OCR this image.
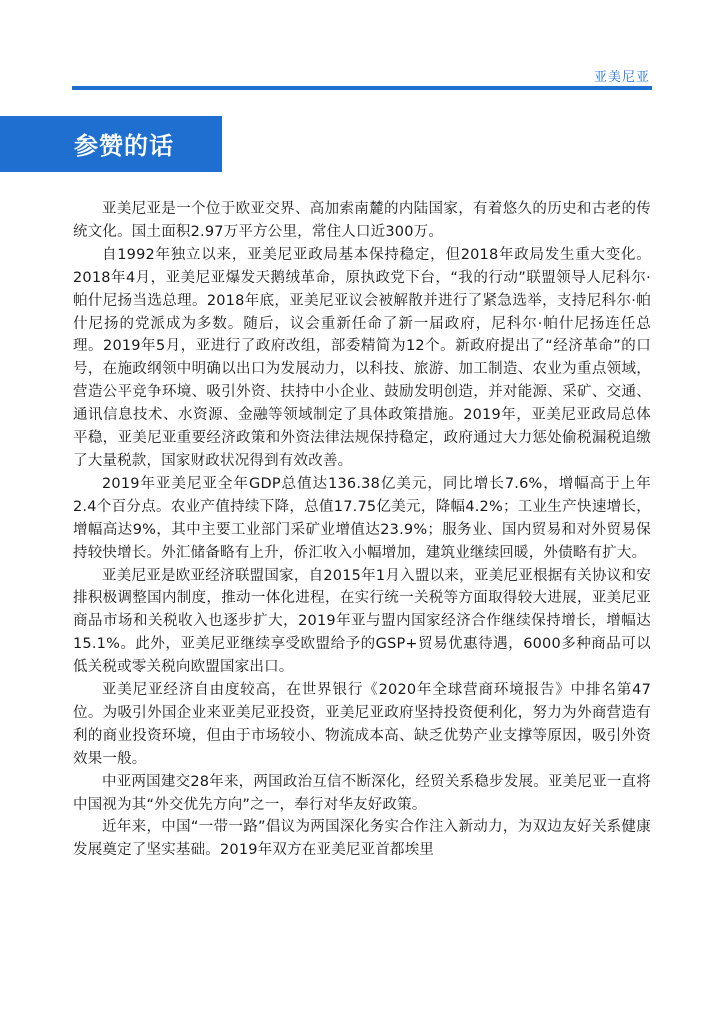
亚美尼亚
参赞的话

亚美尼亚是一个位于欧亚交界、高加索南麓的内陆国家，有着悠久的历史和古老的传统文化。国土面积2.97万平方公里，常住人口近300万。

自1992年独立以来，亚美尼亚政局基本保持稳定，但2018年政局发生重大变化。2018年4月，亚美尼亚爆发天鹅绒革命，原执政党下台，“我的行动”联盟领导人尼科尔·帕什尼扬当选总理。2018年底，亚美尼亚议会被解散并进行了紧急选举，支持尼科尔·帕什尼扬的党派成为多数。随后，议会重新任命了新一届政府，尼科尔·帕什尼扬连任总理。2019年5月，亚进行了政府改组，部委精简为12个。新政府提出了“经济革命”的口号，在施政纲领中明确以出口为发展动力，以科技、旅游、加工制造、农业为重点领域，营造公平竞争环境、吸引外资、扶持中小企业、鼓励发明创造，并对能源、采矿、交通、通讯信息技术、水资源、金融等领域制定了具体政策措施。2019年，亚美尼亚政局总体平稳，亚美尼亚重要经济政策和外资法律法规保持稳定，政府通过大力惩处偷税漏税追缴了大量税款，国家财政状况得到有效改善。

2019年亚美尼亚全年GDP总值达136.38亿美元，同比增长7.6%，增幅高于上年2.4个百分点。农业产值持续下降，总值17.75亿美元，降幅4.2%；工业生产快速增长，增幅高达9%，其中主要工业部门采矿业增值达23.9%；服务业、国内贸易和对外贸易保持较快增长。外汇储备略有上升，侨汇收入小幅增加，建筑业继续回暖，外债略有扩大。

亚美尼亚是欧亚经济联盟国家，自2015年1月入盟以来，亚美尼亚根据有关协议和安排积极调整国内制度，推动一体化进程，在实行统一关税等方面取得较大进展，亚美尼亚商品市场和关税收入也逐步扩大，2019年亚与盟内国家经济合作继续保持增长，增幅达15.1%。此外，亚美尼亚继续享受欧盟给予的GSP+贸易优惠待遇，6000多种商品可以低关税或零关税向欧盟国家出口。

亚美尼亚经济自由度较高，在世界银行《2020年全球营商环境报告》中排名第47位。为吸引外国企业来亚美尼亚投资，亚美尼亚政府坚持投资便利化，努力为外商营造有利的商业投资环境，但由于市场较小、物流成本高、缺乏优势产业支撑等原因，吸引外资效果一般。

中亚两国建交28年来，两国政治互信不断深化，经贸关系稳步发展。亚美尼亚一直将中国视为其“外交优先方向”之一，奉行对华友好政策。

近年来，中国“一带一路”倡议为两国深化务实合作注入新动力，为双边友好关系健康发展奠定了坚实基础。2019年双方在亚美尼亚首都埃里
